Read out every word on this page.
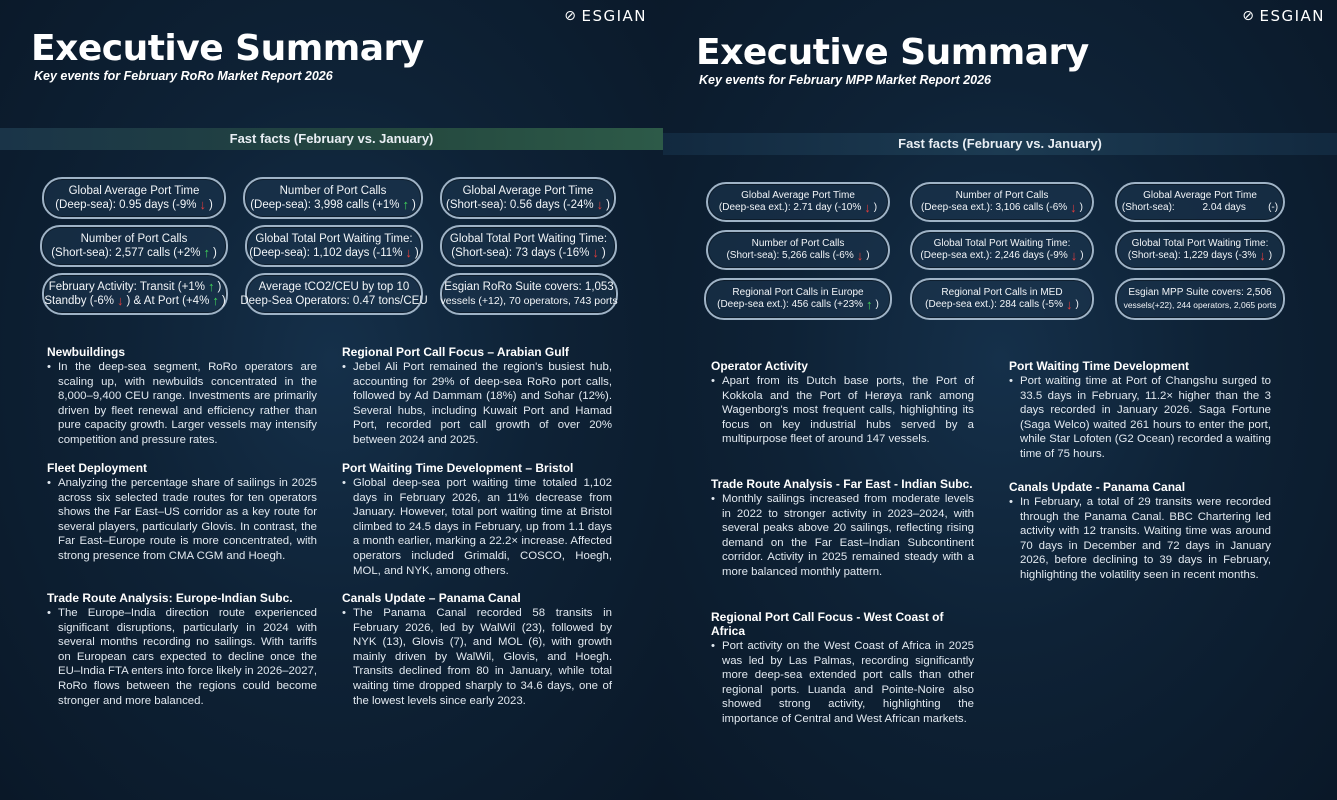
⊘ ESGIAN
Executive Summary
Key events for February RoRo Market Report 2026
Fast facts (February vs. January)
Global Average Port Time
(Deep-sea): 0.95 days (-9% ↓ )
Number of Port Calls
(Deep-sea): 3,998 calls (+1% ↑ )
Global Average Port Time
(Short-sea): 0.56 days (-24% ↓ )
Number of Port Calls
(Short-sea): 2,577 calls (+2% ↑ )
Global Total Port Waiting Time:
(Deep-sea): 1,102 days (-11% ↓ )
Global Total Port Waiting Time:
(Short-sea): 73 days (-16% ↓ )
February Activity: Transit (+1% ↑ )
Standby (-6% ↓ ) & At Port (+4% ↑ )
Average tCO2/CEU by top 10
Deep-Sea Operators: 0.47 tons/CEU
Esgian RoRo Suite covers: 1,053
vessels (+12), 70 operators, 743 ports
Newbuildings
• In the deep-sea segment, RoRo operators are scaling up, with newbuilds concentrated in the 8,000–9,400 CEU range. Investments are primarily driven by fleet renewal and efficiency rather than pure capacity growth. Larger vessels may intensify competition and pressure rates.
Fleet Deployment
• Analyzing the percentage share of sailings in 2025 across six selected trade routes for ten operators shows the Far East–US corridor as a key route for several players, particularly Glovis. In contrast, the Far East–Europe route is more concentrated, with strong presence from CMA CGM and Hoegh.
Trade Route Analysis: Europe-Indian Subc.
• The Europe–India direction route experienced significant disruptions, particularly in 2024 with several months recording no sailings. With tariffs on European cars expected to decline once the EU–India FTA enters into force likely in 2026–2027, RoRo flows between the regions could become stronger and more balanced.
Regional Port Call Focus – Arabian Gulf
• Jebel Ali Port remained the region's busiest hub, accounting for 29% of deep-sea RoRo port calls, followed by Ad Dammam (18%) and Sohar (12%). Several hubs, including Kuwait Port and Hamad Port, recorded port call growth of over 20% between 2024 and 2025.
Port Waiting Time Development – Bristol
• Global deep-sea port waiting time totaled 1,102 days in February 2026, an 11% decrease from January. However, total port waiting time at Bristol climbed to 24.5 days in February, up from 1.1 days a month earlier, marking a 22.2× increase. Affected operators included Grimaldi, COSCO, Hoegh, MOL, and NYK, among others.
Canals Update – Panama Canal
• The Panama Canal recorded 58 transits in February 2026, led by WalWil (23), followed by NYK (13), Glovis (7), and MOL (6), with growth mainly driven by WalWil, Glovis, and Hoegh. Transits declined from 80 in January, while total waiting time dropped sharply to 34.6 days, one of the lowest levels since early 2023.
⊘ ESGIAN
Executive Summary
Key events for February MPP Market Report 2026
Fast facts (February vs. January)
Global Average Port Time
(Deep-sea ext.): 2.71 day (-10% ↓ )
Number of Port Calls
(Deep-sea ext.): 3,106 calls (-6% ↓ )
Global Average Port Time
(Short-sea):          2.04 days        (-)
Number of Port Calls
(Short-sea): 5,266 calls (-6% ↓ )
Global Total Port Waiting Time:
(Deep-sea ext.): 2,246 days (-9% ↓ )
Global Total Port Waiting Time:
(Short-sea): 1,229 days (-3% ↓ )
Regional Port Calls in Europe
(Deep-sea ext.): 456 calls (+23% ↑ )
Regional Port Calls in MED
(Deep-sea ext.): 284 calls (-5% ↓ )
Esgian MPP Suite covers: 2,506
vessels(+22), 244 operators, 2,065 ports
Operator Activity
• Apart from its Dutch base ports, the Port of Kokkola and the Port of Herøya rank among Wagenborg's most frequent calls, highlighting its focus on key industrial hubs served by a multipurpose fleet of around 147 vessels.
Trade Route Analysis - Far East - Indian Subc.
• Monthly sailings increased from moderate levels in 2022 to stronger activity in 2023–2024, with several peaks above 20 sailings, reflecting rising demand on the Far East–Indian Subcontinent corridor. Activity in 2025 remained steady with a more balanced monthly pattern.
Regional Port Call Focus - West Coast of Africa
• Port activity on the West Coast of Africa in 2025 was led by Las Palmas, recording significantly more deep-sea extended port calls than other regional ports. Luanda and Pointe-Noire also showed strong activity, highlighting the importance of Central and West African markets.
Port Waiting Time Development
• Port waiting time at Port of Changshu surged to 33.5 days in February, 11.2× higher than the 3 days recorded in January 2026. Saga Fortune (Saga Welco) waited 261 hours to enter the port, while Star Lofoten (G2 Ocean) recorded a waiting time of 75 hours.
Canals Update - Panama Canal
• In February, a total of 29 transits were recorded through the Panama Canal. BBC Chartering led activity with 12 transits. Waiting time was around 70 days in December and 72 days in January 2026, before declining to 39 days in February, highlighting the volatility seen in recent months.
